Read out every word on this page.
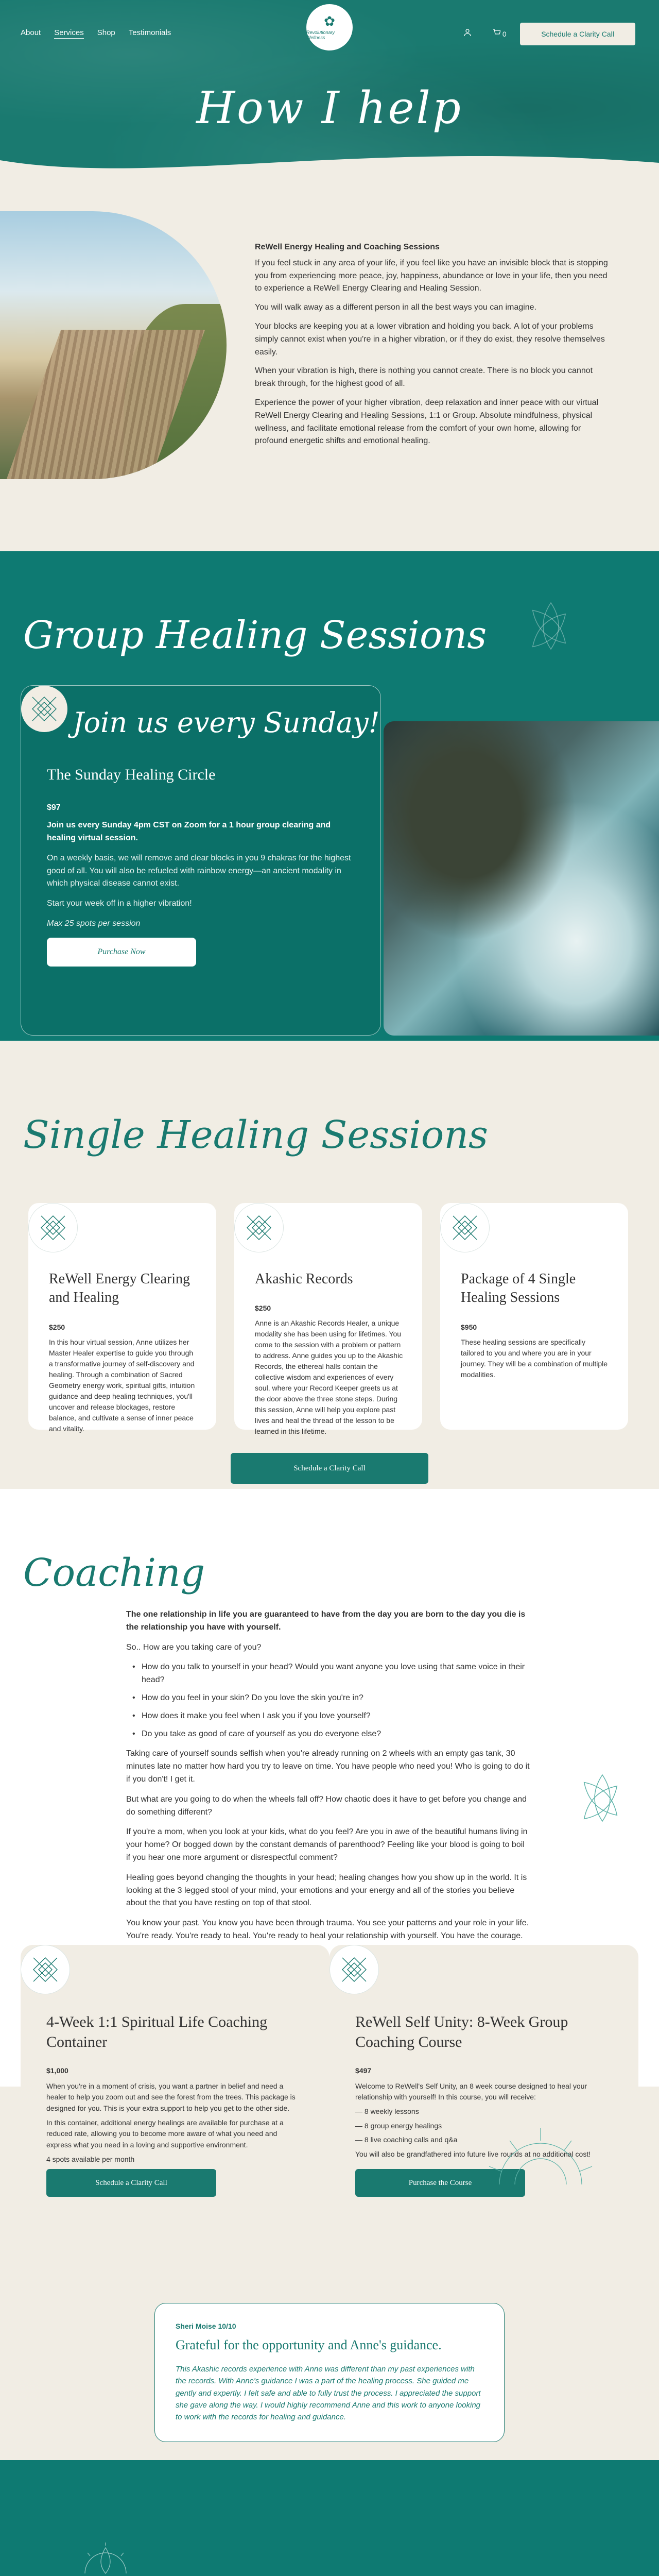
About Services Shop Testimonials
✿
Revolutionary Wellness	0	Schedule a Clarity Call
How I help
ReWell Energy Healing and Coaching Sessions

If you feel stuck in any area of your life, if you feel like you have an invisible block that is stopping you from experiencing more peace, joy, happiness, abundance or love in your life, then you need to experience a ReWell Energy Clearing and Healing Session.

You will walk away as a different person in all the best ways you can imagine.

Your blocks are keeping you at a lower vibration and holding you back. A lot of your problems simply cannot exist when you're in a higher vibration, or if they do exist, they resolve themselves easily.

When your vibration is high, there is nothing you cannot create. There is no block you cannot break through, for the highest good of all.

Experience the power of your higher vibration, deep relaxation and inner peace with our virtual ReWell Energy Clearing and Healing Sessions, 1:1 or Group. Absolute mindfulness, physical wellness, and facilitate emotional release from the comfort of your own home, allowing for profound energetic shifts and emotional healing.

Group Healing Sessions
Join us every Sunday!
The Sunday Healing Circle
$97

Join us every Sunday 4pm CST on Zoom for a 1 hour group clearing and healing virtual session.

On a weekly basis, we will remove and clear blocks in you 9 chakras for the highest good of all. You will also be refueled with rainbow energy—an ancient modality in which physical disease cannot exist.

Start your week off in a higher vibration!

Max 25 spots per session

Purchase Now
Single Healing Sessions
ReWell Energy Clearing and Healing
$250

In this hour virtual session, Anne utilizes her Master Healer expertise to guide you through a transformative journey of self-discovery and healing. Through a combination of Sacred Geometry energy work, spiritual gifts, intuition guidance and deep healing techniques, you'll uncover and release blockages, restore balance, and cultivate a sense of inner peace and vitality.

Akashic Records
$250

Anne is an Akashic Records Healer, a unique modality she has been using for lifetimes. You come to the session with a problem or pattern to address. Anne guides you up to the Akashic Records, the ethereal halls contain the collective wisdom and experiences of every soul, where your Record Keeper greets us at the door above the three stone steps. During this session, Anne will help you explore past lives and heal the thread of the lesson to be learned in this lifetime.

Package of 4 Single Healing Sessions
$950

These healing sessions are specifically tailored to you and where you are in your journey. They will be a combination of multiple modalities.

Schedule a Clarity Call
Coaching

The one relationship in life you are guaranteed to have from the day you are born to the day you die is the relationship you have with yourself.

So.. How are you taking care of you?

• How do you talk to yourself in your head? Would you want anyone you love using that same voice in their head?
• How do you feel in your skin? Do you love the skin you're in?
• How does it make you feel when I ask you if you love yourself?
• Do you take as good of care of yourself as you do everyone else?

Taking care of yourself sounds selfish when you're already running on 2 wheels with an empty gas tank, 30 minutes late no matter how hard you try to leave on time. You have people who need you! Who is going to do it if you don't! I get it.

But what are you going to do when the wheels fall off? How chaotic does it have to get before you change and do something different?

If you're a mom, when you look at your kids, what do you feel? Are you in awe of the beautiful humans living in your home? Or bogged down by the constant demands of parenthood? Feeling like your blood is going to boil if you hear one more argument or disrespectful comment?

Healing goes beyond changing the thoughts in your head; healing changes how you show up in the world. It is looking at the 3 legged stool of your mind, your emotions and your energy and all of the stories you believe about the that you have resting on top of that stool.

You know your past. You know you have been through trauma. You see your patterns and your role in your life. You're ready. You're ready to heal. You're ready to heal your relationship with yourself. You have the courage.

4-Week 1:1 Spiritual Life Coaching Container
$1,000

When you're in a moment of crisis, you want a partner in belief and need a healer to help you zoom out and see the forest from the trees. This package is designed for you. This is your extra support to help you get to the other side.

In this container, additional energy healings are available for purchase at a reduced rate, allowing you to become more aware of what you need and express what you need in a loving and supportive environment.

4 spots available per month

Schedule a Clarity Call
ReWell Self Unity: 8-Week Group Coaching Course
$497

Welcome to ReWell's Self Unity, an 8 week course designed to heal your relationship with yourself! In this course, you will receive:

— 8 weekly lessons

— 8 group energy healings

— 8 live coaching calls and q&a

You will also be grandfathered into future live rounds at no additional cost!

Purchase the Course
Sheri Moise 10/10
Grateful for the opportunity and Anne's guidance.
This Akashic records experience with Anne was different than my past experiences with the records. With Anne's guidance I was a part of the healing process. She guided me gently and expertly. I felt safe and able to fully trust the process. I appreciated the support she gave along the way. I would highly recommend Anne and this work to anyone looking to work with the records for healing and guidance.
